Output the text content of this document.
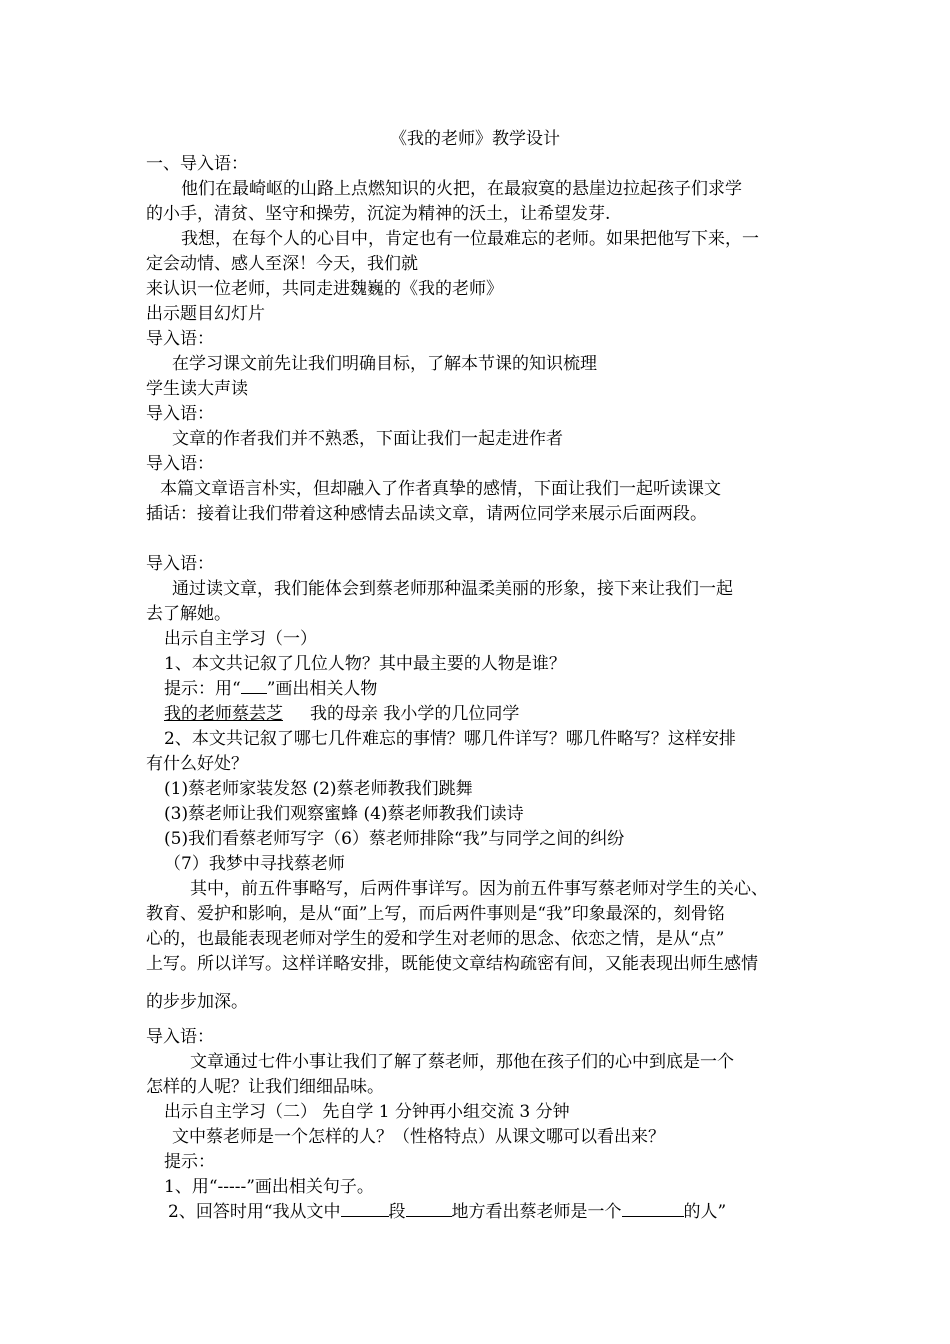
《我的老师》教学设计
一、导入语：
他们在最崎岖的山路上点燃知识的火把，在最寂寞的悬崖边拉起孩子们求学
的小手，清贫、坚守和操劳，沉淀为精神的沃土，让希望发芽.
我想，在每个人的心目中，肯定也有一位最难忘的老师。如果把他写下来，一
定会动情、感人至深！今天，我们就
来认识一位老师，共同走进魏巍的《我的老师》
出示题目幻灯片
导入语：
在学习课文前先让我们明确目标，了解本节课的知识梳理
学生读大声读
导入语：
文章的作者我们并不熟悉，下面让我们一起走进作者
导入语：
本篇文章语言朴实，但却融入了作者真挚的感情，下面让我们一起听读课文
插话：接着让我们带着这种感情去品读文章，请两位同学来展示后面两段。
导入语：
通过读文章，我们能体会到蔡老师那种温柔美丽的形象，接下来让我们一起
去了解她。
出示自主学习（一）
1、本文共记叙了几位人物？其中最主要的人物是谁？
提示：用“ ”画出相关人物
我的老师蔡芸芝 我的母亲 我小学的几位同学
2、本文共记叙了哪七几件难忘的事情？哪几件详写？哪几件略写？这样安排
有什么好处？
(1)蔡老师家装发怒 (2)蔡老师教我们跳舞
(3)蔡老师让我们观察蜜蜂 (4)蔡老师教我们读诗
(5)我们看蔡老师写字（6）蔡老师排除“我”与同学之间的纠纷
（7）我梦中寻找蔡老师
其中，前五件事略写，后两件事详写。因为前五件事写蔡老师对学生的关心、
教育、爱护和影响，是从“面”上写，而后两件事则是“我”印象最深的，刻骨铭
心的，也最能表现老师对学生的爱和学生对老师的思念、依恋之情，是从“点”
上写。所以详写。这样详略安排，既能使文章结构疏密有间，又能表现出师生感情
的步步加深。
导入语：
文章通过七件小事让我们了解了蔡老师，那他在孩子们的心中到底是一个
怎样的人呢？让我们细细品味。
出示自主学习（二） 先自学 1 分钟再小组交流 3 分钟
文中蔡老师是一个怎样的人？（性格特点）从课文哪可以看出来？
提示：
1、用“-----”画出相关句子。
2、回答时用“我从文中	段	地方看出蔡老师是一个	的人”
